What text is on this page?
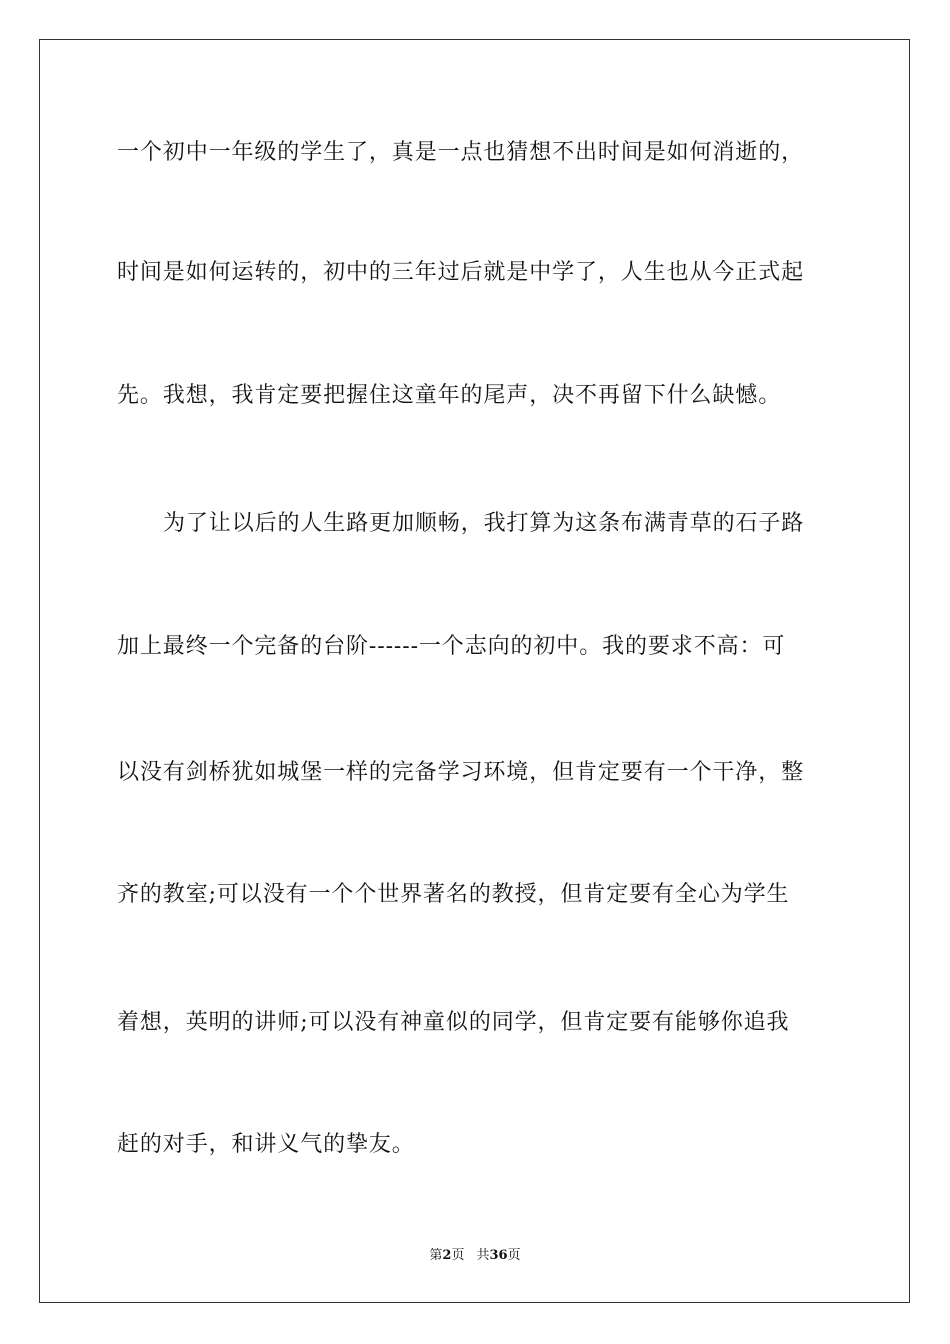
一个初中一年级的学生了，真是一点也猜想不出时间是如何消逝的，
时间是如何运转的，初中的三年过后就是中学了，人生也从今正式起
先。我想，我肯定要把握住这童年的尾声，决不再留下什么缺憾。
为了让以后的人生路更加顺畅，我打算为这条布满青草的石子路
加上最终一个完备的台阶------一个志向的初中。我的要求不高：可
以没有剑桥犹如城堡一样的完备学习环境，但肯定要有一个干净，整
齐的教室;可以没有一个个世界著名的教授，但肯定要有全心为学生
着想，英明的讲师;可以没有神童似的同学，但肯定要有能够你追我
赶的对手，和讲义气的挚友。
第2页 共36页
